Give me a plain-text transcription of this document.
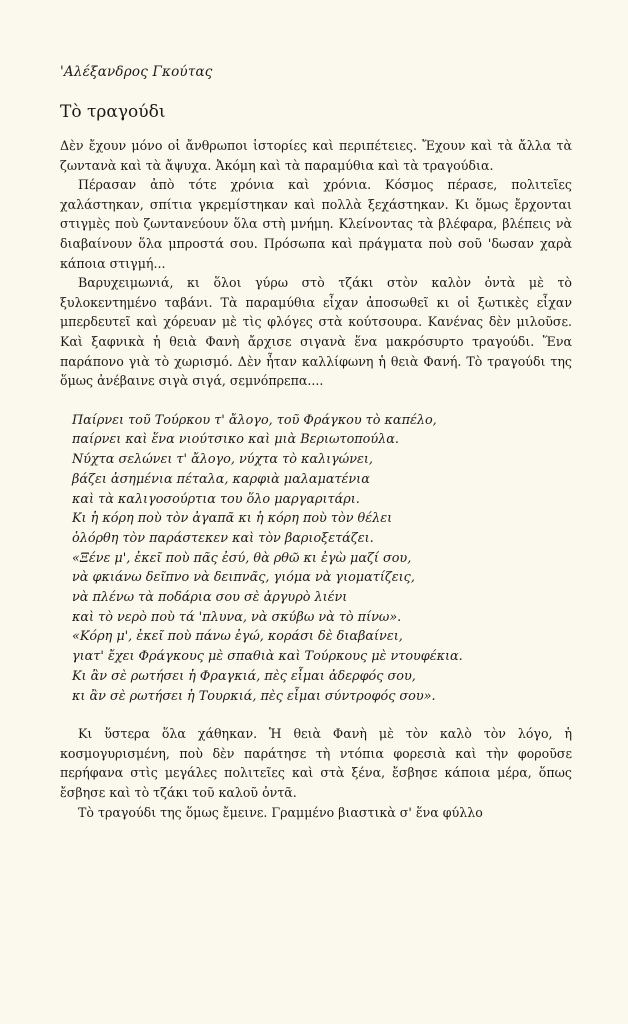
'Αλέξανδρος Γκούτας
Τὸ τραγούδι

Δὲν ἔχουν μόνο οἱ ἄνθρωποι ἱστορίες καὶ περιπέτειες. Ἔχουν καὶ τὰ ἄλλα τὰ ζωντανὰ καὶ τὰ ἄψυχα. Ἀκόμη καὶ τὰ παραμύθια καὶ τὰ τραγούδια.

Πέρασαν ἀπὸ τότε χρόνια καὶ χρόνια. Κόσμος πέρασε, πολιτεῖες χαλάστηκαν, σπίτια γκρεμίστηκαν καὶ πολλὰ ξεχάστηκαν. Κι ὅμως ἔρχονται στιγμὲς ποὺ ζωντανεύουν ὅλα στὴ μνήμη. Κλείνοντας τὰ βλέφαρα, βλέπεις νὰ διαβαίνουν ὅλα μπροστά σου. Πρόσωπα καὶ πράγματα ποὺ σοῦ 'δωσαν χαρὰ κάποια στιγμή...

Βαρυχειμωνιά, κι ὅλοι γύρω στὸ τζάκι στὸν καλὸν ὀντὰ μὲ τὸ ξυλοκεντημένο ταβάνι. Τὰ παραμύθια εἶχαν ἀποσωθεῖ κι οἱ ξωτικὲς εἶχαν μπερδευτεῖ καὶ χόρευαν μὲ τὶς φλόγες στὰ κούτσουρα. Κανένας δὲν μιλοῦσε. Καὶ ξαφνικὰ ἡ θειὰ Φανὴ ἄρχισε σιγανὰ ἕνα μακρόσυρτο τραγούδι. Ἕνα παράπονο γιὰ τὸ χωρισμό. Δὲν ἦταν καλλίφωνη ἡ θειὰ Φανή. Τὸ τραγούδι της ὅμως ἀνέβαινε σιγὰ σιγά, σεμνόπρεπα....

Παίρνει τοῦ Τούρκου τ' ἄλογο, τοῦ Φράγκου τὸ καπέλο,
παίρνει καὶ ἕνα νιούτσικο καὶ μιὰ Βεριωτοπούλα.
Νύχτα σελώνει τ' ἄλογο, νύχτα τὸ καλιγώνει,
βάζει ἀσημένια πέταλα, καρφιὰ μαλαματένια
καὶ τὰ καλιγοσούρτια του ὅλο μαργαριτάρι.
Κι ἡ κόρη ποὺ τὸν ἀγαπᾶ κι ἡ κόρη ποὺ τὸν θέλει
ὁλόρθη τὸν παράστεκεν καὶ τὸν βαριοξετάζει.
«Ξένε μ', ἐκεῖ ποὺ πᾶς ἐσύ, θὰ ρθῶ κι ἐγὼ μαζί σου,
νὰ φκιάνω δεῖπνο νὰ δειπνᾶς, γιόμα νὰ γιοματίζεις,
νὰ πλένω τὰ ποδάρια σου σὲ ἀργυρὸ λιένι
καὶ τὸ νερὸ ποὺ τά 'πλυνα, νὰ σκύβω νὰ τὸ πίνω».
«Κόρη μ', ἐκεῖ ποὺ πάνω ἐγώ, κοράσι δὲ διαβαίνει,
γιατ' ἔχει Φράγκους μὲ σπαθιὰ καὶ Τούρκους μὲ ντουφέκια.
Κι ἂν σὲ ρωτήσει ἡ Φραγκιά, πὲς εἶμαι ἀδερφός σου,
κι ἂν σὲ ρωτήσει ἡ Τουρκιά, πὲς εἶμαι σύντροφός σου».

Κι ὕστερα ὅλα χάθηκαν. Ἡ θειὰ Φανὴ μὲ τὸν καλὸ τὸν λόγο, ἡ κοσμογυρισμένη, ποὺ δὲν παράτησε τὴ ντόπια φορεσιὰ καὶ τὴν φοροῦσε περήφανα στὶς μεγάλες πολιτεῖες καὶ στὰ ξένα, ἔσβησε κάποια μέρα, ὅπως ἔσβησε καὶ τὸ τζάκι τοῦ καλοῦ ὀντᾶ.

Τὸ τραγούδι της ὅμως ἔμεινε. Γραμμένο βιαστικὰ σ' ἕνα φύλλο
